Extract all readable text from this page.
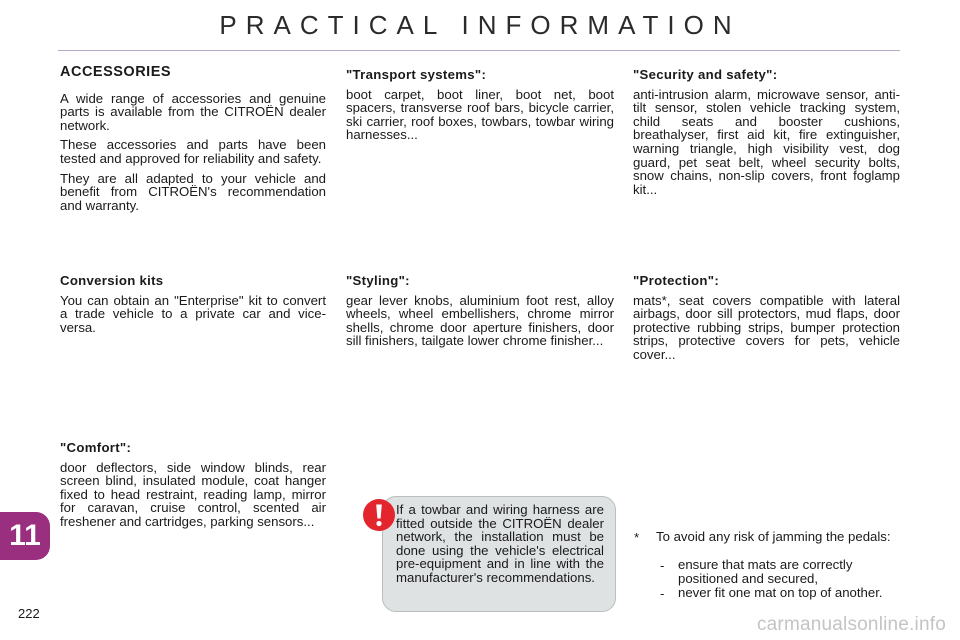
PRACTICAL INFORMATION
ACCESSORIES

A wide range of accessories and genuine parts is available from the CITROËN dealer network.

These accessories and parts have been tested and approved for reliability and safety.

They are all adapted to your vehicle and benefit from CITROËN's recommendation and warranty.

Conversion kits

You can obtain an "Enterprise" kit to convert a trade vehicle to a private car and vice-versa.

"Comfort":

door deflectors, side window blinds, rear screen blind, insulated module, coat hanger fixed to head restraint, reading lamp, mirror for caravan, cruise control, scented air freshener and cartridges, parking sensors...

"Transport systems":

boot carpet, boot liner, boot net, boot spacers, transverse roof bars, bicycle carrier, ski carrier, roof boxes, towbars, towbar wiring harnesses...

"Styling":

gear lever knobs, aluminium foot rest, alloy wheels, wheel embellishers, chrome mirror shells, chrome door aperture finishers, door sill finishers, tailgate lower chrome finisher...

"Security and safety":

anti-intrusion alarm, microwave sensor, anti-tilt sensor, stolen vehicle tracking system, child seats and booster cushions, breathalyser, first aid kit, fire extinguisher, warning triangle, high visibility vest, dog guard, pet seat belt, wheel security bolts, snow chains, non-slip covers, front foglamp kit...

"Protection":

mats*, seat covers compatible with lateral airbags, door sill protectors, mud flaps, door protective rubbing strips, bumper protection strips, protective covers for pets, vehicle cover...

If a towbar and wiring harness are fitted outside the CITROËN dealer network, the installation must be done using the vehicle's electrical pre-equipment and in line with the manufacturer's recommendations.
* To avoid any risk of jamming the pedals:
- ensure that mats are correctly positioned and secured,
- never fit one mat on top of another.
11
222
carmanualsonline.info
